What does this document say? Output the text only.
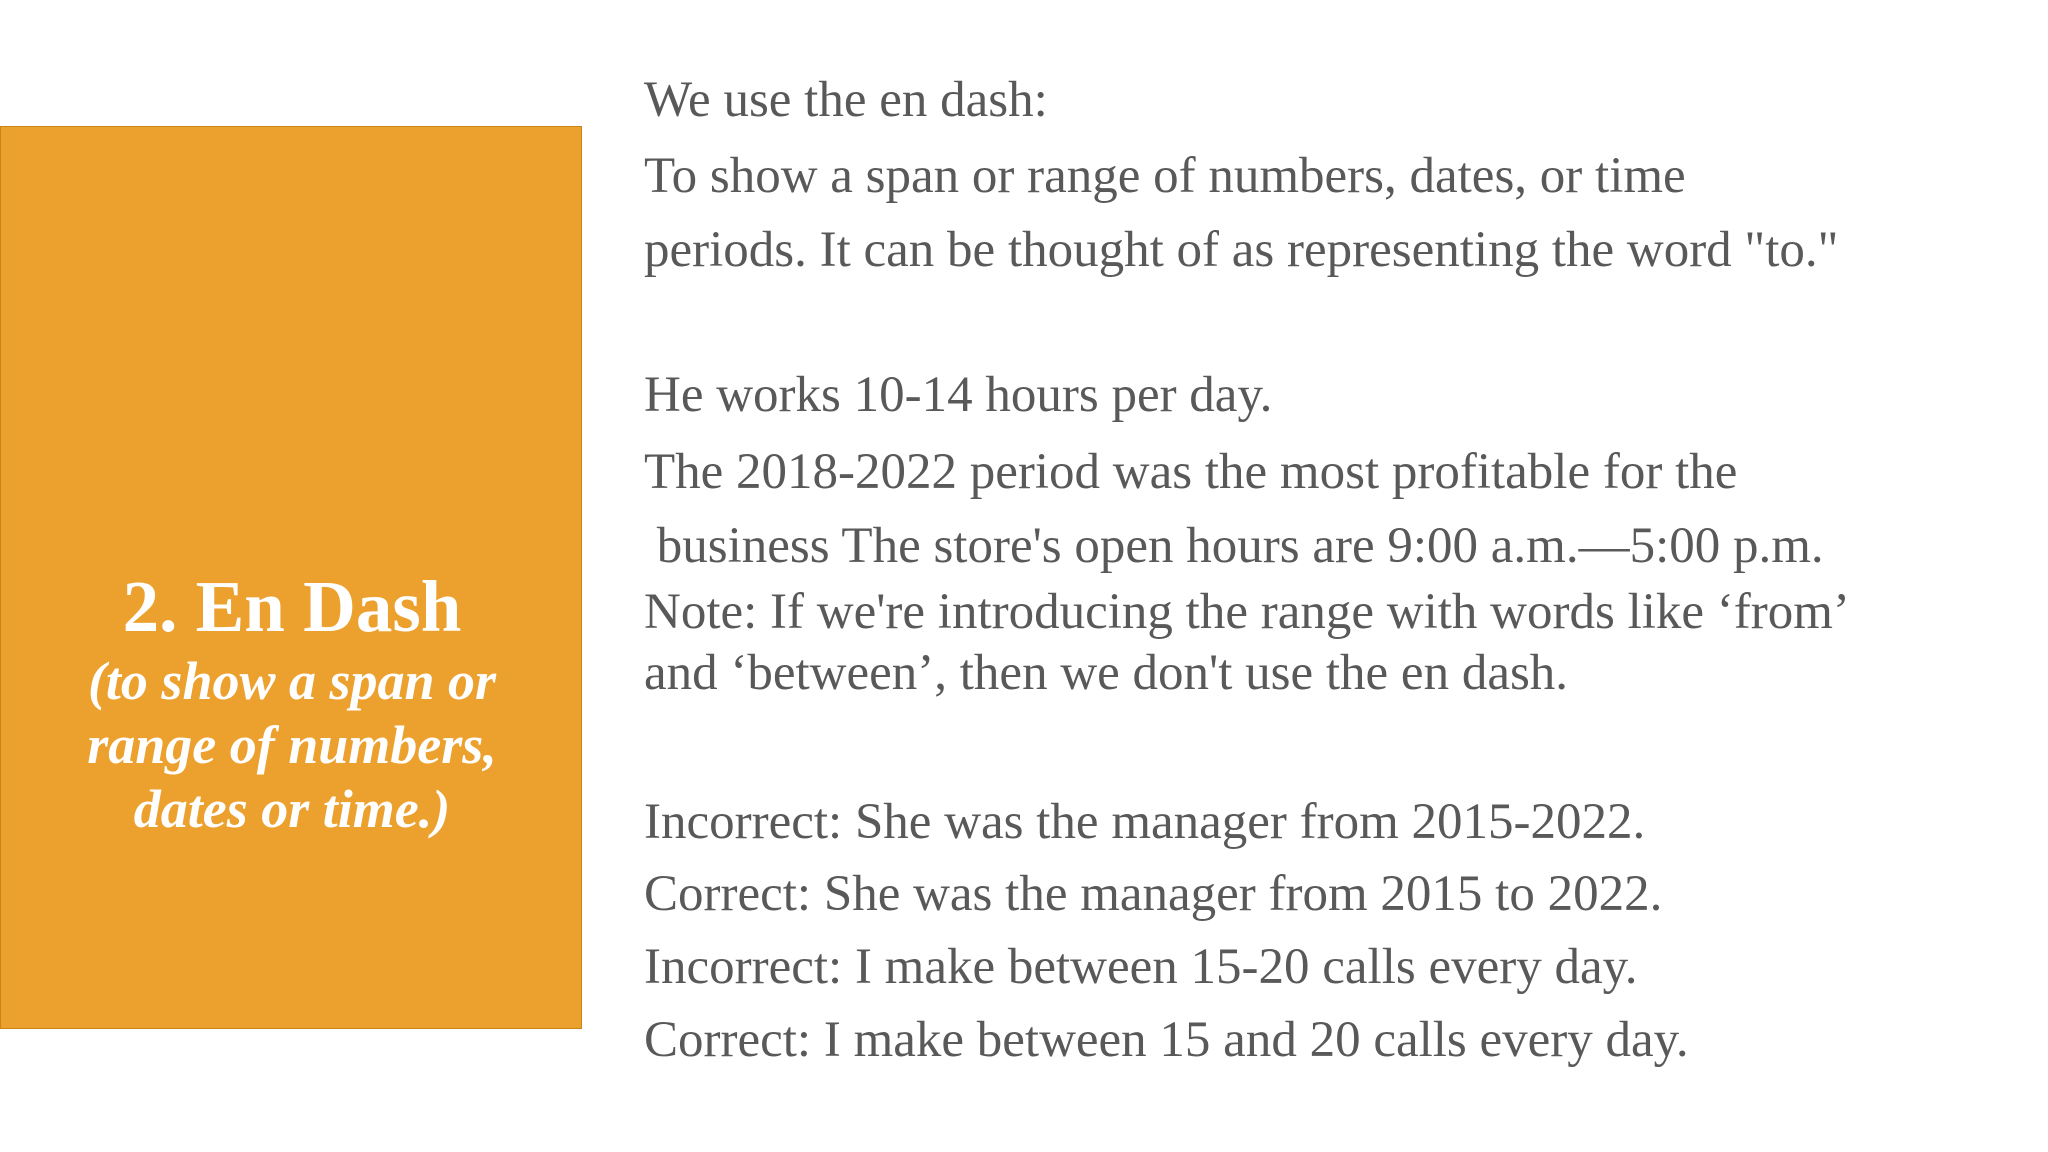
2. En Dash
(to show a span or
range of numbers,
dates or time.)

We use the en dash:

To show a span or range of numbers, dates, or time

periods. It can be thought of as representing the word "to."

He works 10-14 hours per day.

The 2018-2022 period was the most profitable for the

business The store's open hours are 9:00 a.m.—5:00 p.m.

Note: If we're introducing the range with words like ‘from’

and ‘between’, then we don't use the en dash.

Incorrect: She was the manager from 2015-2022.

Correct: She was the manager from 2015 to 2022.

Incorrect: I make between 15-20 calls every day.

Correct: I make between 15 and 20 calls every day.
